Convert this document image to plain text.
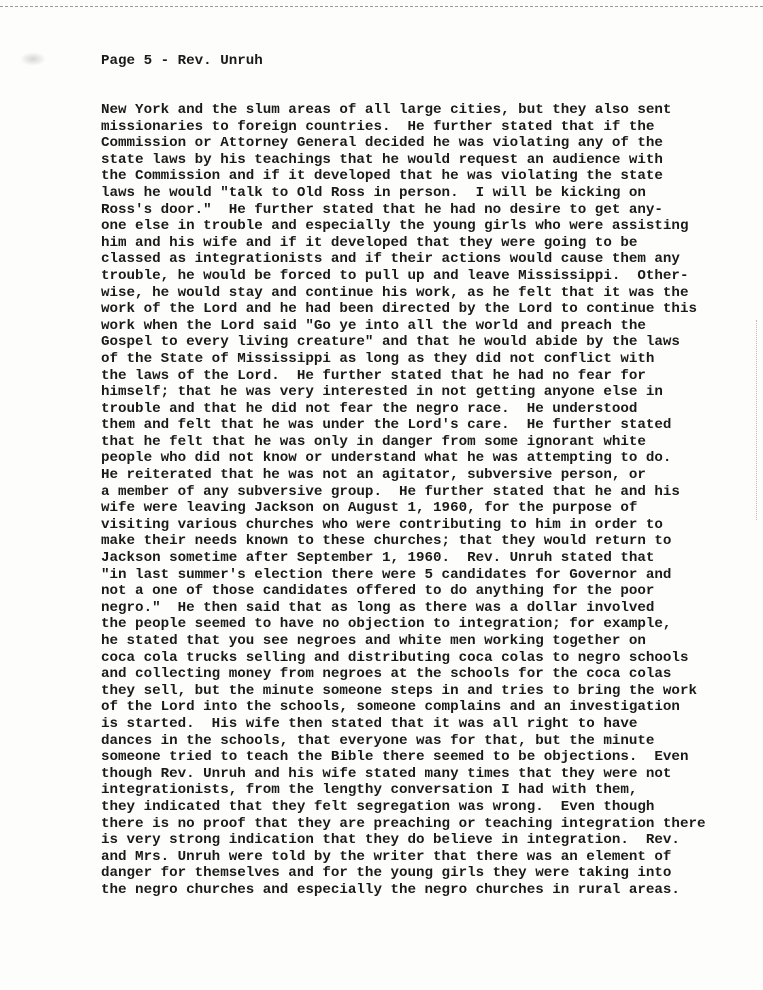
Page 5 - Rev. Unruh
New York and the slum areas of all large cities, but they also sent
missionaries to foreign countries.  He further stated that if the
Commission or Attorney General decided he was violating any of the
state laws by his teachings that he would request an audience with
the Commission and if it developed that he was violating the state
laws he would "talk to Old Ross in person.  I will be kicking on
Ross's door."  He further stated that he had no desire to get any-
one else in trouble and especially the young girls who were assisting
him and his wife and if it developed that they were going to be
classed as integrationists and if their actions would cause them any
trouble, he would be forced to pull up and leave Mississippi.  Other-
wise, he would stay and continue his work, as he felt that it was the
work of the Lord and he had been directed by the Lord to continue this
work when the Lord said "Go ye into all the world and preach the
Gospel to every living creature" and that he would abide by the laws
of the State of Mississippi as long as they did not conflict with
the laws of the Lord.  He further stated that he had no fear for
himself; that he was very interested in not getting anyone else in
trouble and that he did not fear the negro race.  He understood
them and felt that he was under the Lord's care.  He further stated
that he felt that he was only in danger from some ignorant white
people who did not know or understand what he was attempting to do.
He reiterated that he was not an agitator, subversive person, or
a member of any subversive group.  He further stated that he and his
wife were leaving Jackson on August 1, 1960, for the purpose of
visiting various churches who were contributing to him in order to
make their needs known to these churches; that they would return to
Jackson sometime after September 1, 1960.  Rev. Unruh stated that
"in last summer's election there were 5 candidates for Governor and
not a one of those candidates offered to do anything for the poor
negro."  He then said that as long as there was a dollar involved
the people seemed to have no objection to integration; for example,
he stated that you see negroes and white men working together on
coca cola trucks selling and distributing coca colas to negro schools
and collecting money from negroes at the schools for the coca colas
they sell, but the minute someone steps in and tries to bring the work
of the Lord into the schools, someone complains and an investigation
is started.  His wife then stated that it was all right to have
dances in the schools, that everyone was for that, but the minute
someone tried to teach the Bible there seemed to be objections.  Even
though Rev. Unruh and his wife stated many times that they were not
integrationists, from the lengthy conversation I had with them,
they indicated that they felt segregation was wrong.  Even though
there is no proof that they are preaching or teaching integration there
is very strong indication that they do believe in integration.  Rev.
and Mrs. Unruh were told by the writer that there was an element of
danger for themselves and for the young girls they were taking into
the negro churches and especially the negro churches in rural areas.
